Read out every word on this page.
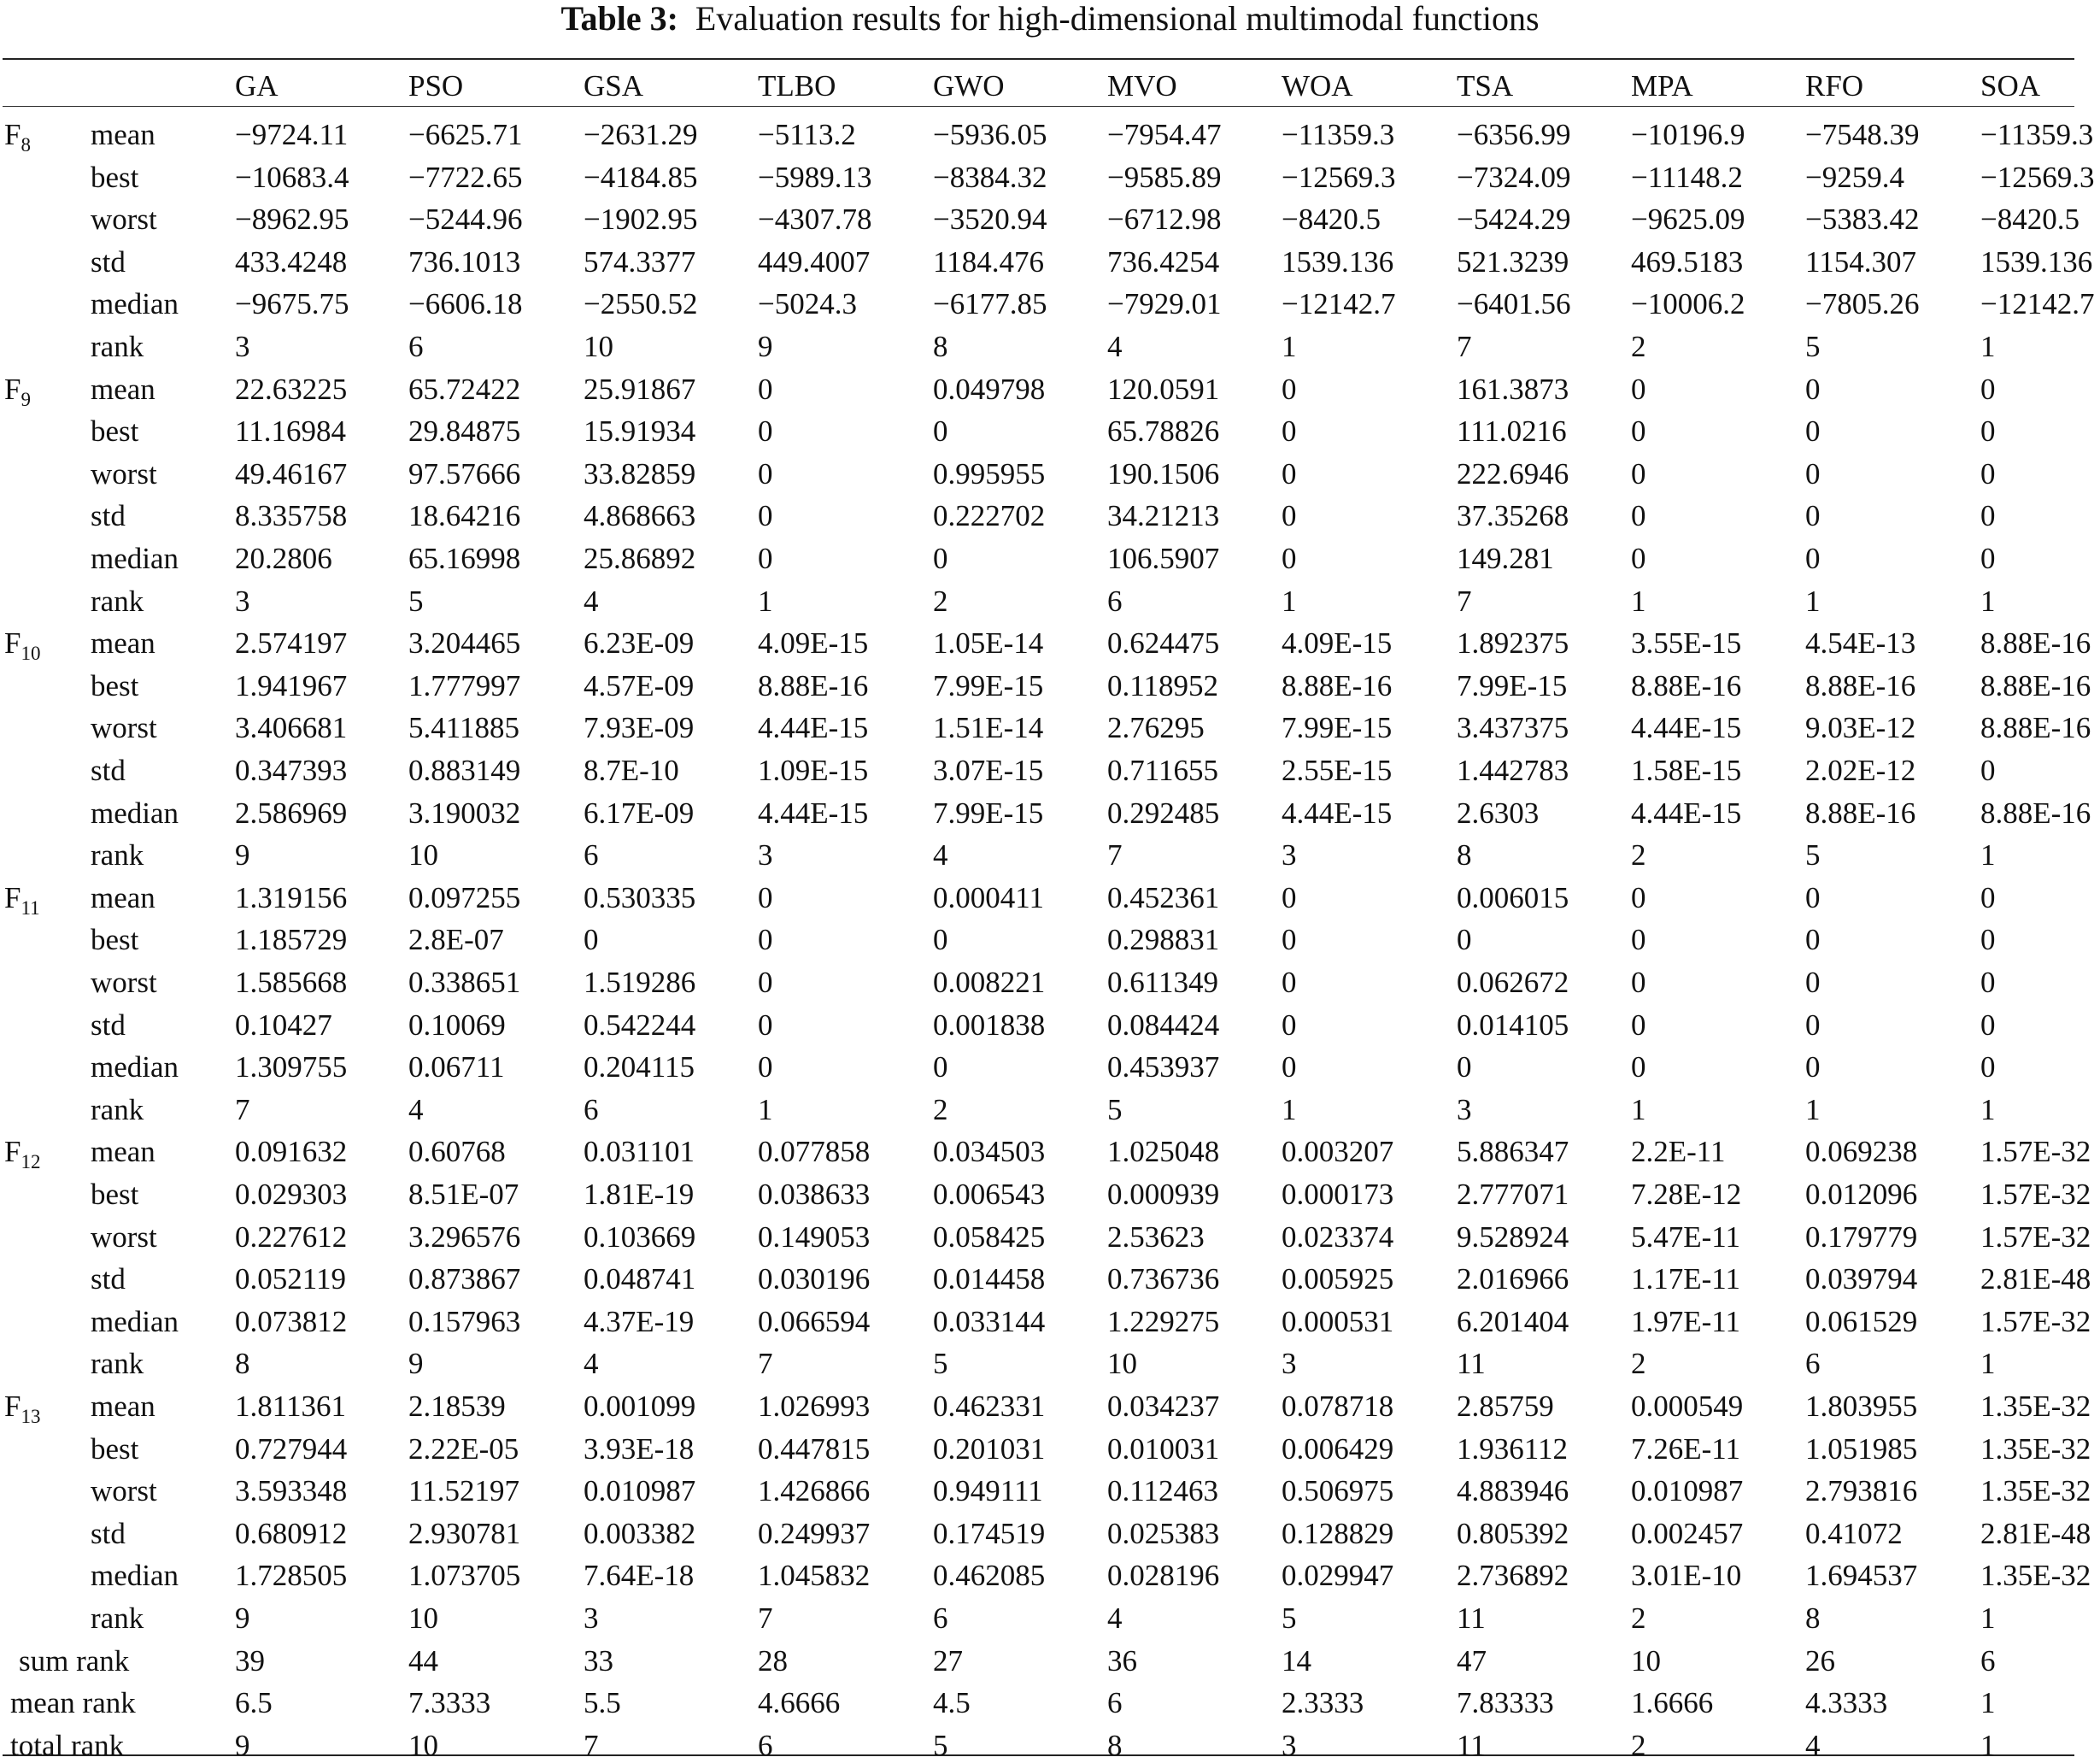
Table 3: Evaluation results for high-dimensional multimodal functions
GA	PSO	GSA	TLBO	GWO	MVO	WOA	TSA	MPA	RFO	SOA
$F_8$ mean	−9724.11 −6625.71 −2631.29 −5113.2	−5936.05 −7954.47 −11359.3 −6356.99 −10196.9 −7548.39 −11359.3
best	−10683.4 −7722.65 −4184.85 −5989.13 −8384.32 −9585.89 −12569.3 −7324.09 −11148.2 −9259.4	−12569.3
worst	−8962.95 −5244.96 −1902.95 −4307.78 −3520.94 −6712.98 −8420.5	−5424.29 −9625.09 −5383.42 −8420.5
std	433.4248 736.1013 574.3377 449.4007 1184.476 736.4254 1539.136 521.3239 469.5183 1154.307 1539.136
median −9675.75 −6606.18 −2550.52 −5024.3	−6177.85 −7929.01 −12142.7 −6401.56 −10006.2 −7805.26 −12142.7
rank	3	6	10	9	8	4	1	7	2	5	1
$F_9$ mean	22.63225 65.72422 25.91867 0	0.049798 120.0591 0	161.3873 0	0	0
best	11.16984 29.84875 15.91934 0	0	65.78826 0	111.0216 0	0	0
worst	49.46167 97.57666 33.82859 0	0.995955 190.1506 0	222.6946 0	0	0
std	8.335758 18.64216 4.868663 0	0.222702 34.21213 0	37.35268 0	0	0
median 20.2806	65.16998 25.86892 0	0	106.5907 0	149.281	0	0	0
rank	3	5	4	1	2	6	1	7	1	1	1
$F_{10}$ mean	2.574197 3.204465 6.23E-09 4.09E-15 1.05E-14 0.624475 4.09E-15 1.892375 3.55E-15 4.54E-13 8.88E-16
best	1.941967 1.777997 4.57E-09 8.88E-16 7.99E-15 0.118952 8.88E-16 7.99E-15 8.88E-16 8.88E-16 8.88E-16
worst	3.406681 5.411885 7.93E-09 4.44E-15 1.51E-14 2.76295	7.99E-15 3.437375 4.44E-15 9.03E-12 8.88E-16
std	0.347393 0.883149 8.7E-10	1.09E-15 3.07E-15 0.711655 2.55E-15 1.442783 1.58E-15 2.02E-12 0
median 2.586969 3.190032 6.17E-09 4.44E-15 7.99E-15 0.292485 4.44E-15 2.6303	4.44E-15 8.88E-16 8.88E-16
rank	9	10	6	3	4	7	3	8	2	5	1
$F_{11}$ mean	1.319156 0.097255 0.530335 0	0.000411 0.452361 0	0.006015 0	0	0
best	1.185729 2.8E-07	0	0	0	0.298831 0	0	0	0	0
worst	1.585668 0.338651 1.519286 0	0.008221 0.611349 0	0.062672 0	0	0
std	0.10427	0.10069	0.542244 0	0.001838 0.084424 0	0.014105 0	0	0
median 1.309755 0.06711	0.204115 0	0	0.453937 0	0	0	0	0
rank	7	4	6	1	2	5	1	3	1	1	1
$F_{12}$ mean	0.091632 0.60768	0.031101 0.077858 0.034503 1.025048 0.003207 5.886347 2.2E-11	0.069238 1.57E-32
best	0.029303 8.51E-07 1.81E-19 0.038633 0.006543 0.000939 0.000173 2.777071 7.28E-12 0.012096 1.57E-32
worst	0.227612 3.296576 0.103669 0.149053 0.058425 2.53623	0.023374 9.528924 5.47E-11 0.179779 1.57E-32
std	0.052119 0.873867 0.048741 0.030196 0.014458 0.736736 0.005925 2.016966 1.17E-11 0.039794 2.81E-48
median 0.073812 0.157963 4.37E-19 0.066594 0.033144 1.229275 0.000531 6.201404 1.97E-11 0.061529 1.57E-32
rank	8	9	4	7	5	10	3	11	2	6	1
$F_{13}$ mean	1.811361 2.18539	0.001099 1.026993 0.462331 0.034237 0.078718 2.85759	0.000549 1.803955 1.35E-32
best	0.727944 2.22E-05 3.93E-18 0.447815 0.201031 0.010031 0.006429 1.936112 7.26E-11 1.051985 1.35E-32
worst	3.593348 11.52197 0.010987 1.426866 0.949111 0.112463 0.506975 4.883946 0.010987 2.793816 1.35E-32
std	0.680912 2.930781 0.003382 0.249937 0.174519 0.025383 0.128829 0.805392 0.002457 0.41072	2.81E-48
median 1.728505 1.073705 7.64E-18 1.045832 0.462085 0.028196 0.029947 2.736892 3.01E-10 1.694537 1.35E-32
rank	9	10	3	7	6	4	5	11	2	8	1
sum rank	39	44	33	28	27	36	14	47	10	26	6
mean rank	6.5	7.3333	5.5	4.6666	4.5	6	2.3333	7.83333	1.6666	4.3333	1
total rank	9	10	7	6	5	8	3	11	2	4	1
